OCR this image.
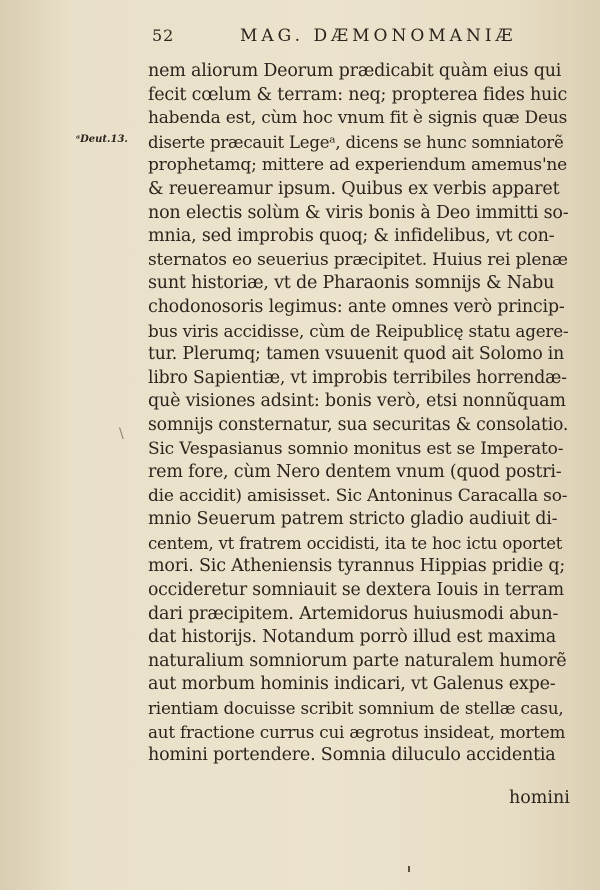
52	MAG. DÆMONOMANIÆ
ᵃDeut.13.
\
nem aliorum Deorum prædicabit quàm eius qui
fecit cœlum & terram: neq; propterea fides huic
habenda est, cùm hoc vnum fit è signis quæ Deus
diserte præcauit Legeᵃ, dicens se hunc somniatorẽ
prophetamq; mittere ad experiendum amemus'ne
& reuereamur ipsum. Quibus ex verbis apparet
non electis solùm & viris bonis à Deo immitti so-
mnia, sed improbis quoq; & infidelibus, vt con-
sternatos eo seuerius præcipitet. Huius rei plenæ
sunt historiæ, vt de Pharaonis somnijs & Nabu
chodonosoris legimus: ante omnes verò princip-
bus viris accidisse, cùm de Reipublicę statu agere-
tur. Plerumq; tamen vsuuenit quod ait Solomo in
libro Sapientiæ, vt improbis terribiles horrendæ-
què visiones adsint: bonis verò, etsi nonnũquam
somnijs consternatur, sua securitas & consolatio.
Sic Vespasianus somnio monitus est se Imperato-
rem fore, cùm Nero dentem vnum (quod postri-
die accidit) amisisset. Sic Antoninus Caracalla so-
mnio Seuerum patrem stricto gladio audiuit di-
centem, vt fratrem occidisti, ita te hoc ictu oportet
mori. Sic Atheniensis tyrannus Hippias pridie q;
occideretur somniauit se dextera Iouis in terram
dari præcipitem. Artemidorus huiusmodi abun-
dat historijs. Notandum porrò illud est maxima
naturalium somniorum parte naturalem humorẽ
aut morbum hominis indicari, vt Galenus expe-
rientiam docuisse scribit somnium de stellæ casu,
aut fractione currus cui ægrotus insideat, mortem
homini portendere. Somnia diluculo accidentia
homini
